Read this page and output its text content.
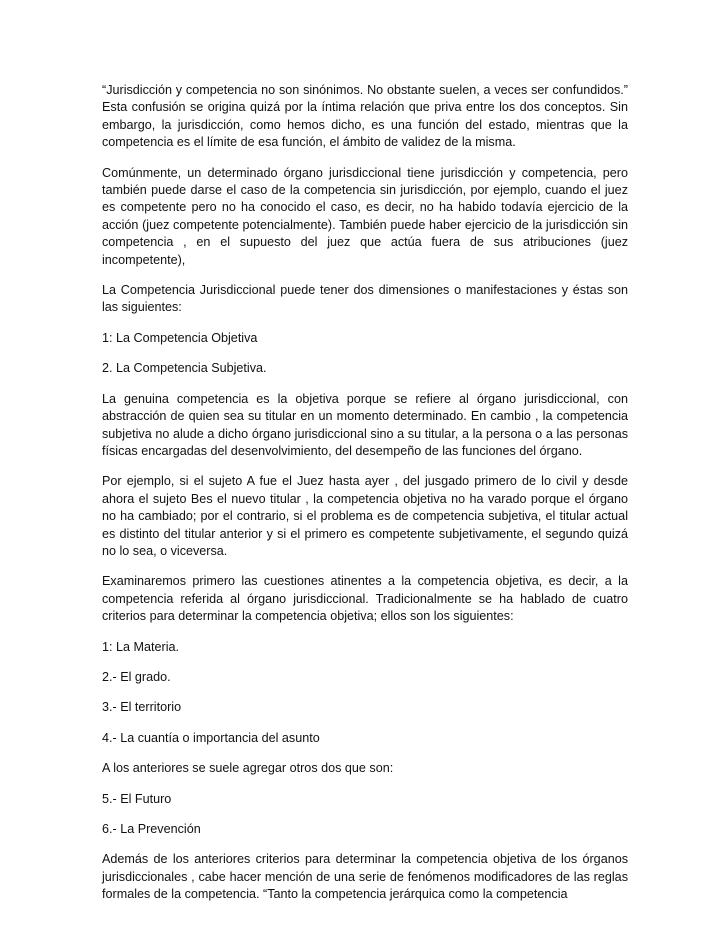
“Jurisdicción y competencia no son sinónimos. No obstante suelen, a veces ser confundidos.” Esta confusión se origina quizá por la íntima relación que priva entre los dos conceptos. Sin embargo, la jurisdicción, como hemos dicho, es una función del estado, mientras que la competencia es el límite de esa función, el ámbito de validez de la misma.

Comúnmente, un determinado órgano jurisdiccional tiene jurisdicción y competencia, pero también puede darse el caso de la competencia sin jurisdicción, por ejemplo, cuando el juez es competente pero no ha conocido el caso, es decir, no ha habido todavía ejercicio de la acción (juez competente potencialmente). También puede haber ejercicio de la jurisdicción sin competencia , en el supuesto del juez que actúa fuera de sus atribuciones (juez incompetente),

La Competencia Jurisdiccional puede tener dos dimensiones o manifestaciones y éstas son las siguientes:

1: La Competencia Objetiva

2. La Competencia Subjetiva.

La genuina competencia es la objetiva porque se refiere al órgano jurisdiccional, con abstracción de quien sea su titular en un momento determinado. En cambio , la competencia subjetiva no alude a dicho órgano jurisdiccional sino a su titular, a la persona o a las personas físicas encargadas del desenvolvimiento, del desempeño de las funciones del órgano.

Por ejemplo, si el sujeto A fue el Juez hasta ayer , del jusgado primero de lo civil y desde ahora el sujeto Bes el nuevo titular , la competencia objetiva no ha varado porque el órgano no ha cambiado; por el contrario, si el problema es de competencia subjetiva, el titular actual es distinto del titular anterior y si el primero es competente subjetivamente, el segundo quizá no lo sea, o viceversa.

Examinaremos primero las cuestiones atinentes a la competencia objetiva, es decir, a la competencia referida al órgano jurisdiccional. Tradicionalmente se ha hablado de cuatro criterios para determinar la competencia objetiva; ellos son los siguientes:

1: La Materia.

2.- El grado.

3.- El territorio

4.- La cuantía o importancia del asunto

A los anteriores se suele agregar otros dos que son:

5.- El Futuro

6.- La Prevención

Además de los anteriores criterios para determinar la competencia objetiva de los órganos jurisdiccionales , cabe hacer mención de una serie de fenómenos modificadores de las reglas formales de la competencia. “Tanto la competencia jerárquica como la competencia
